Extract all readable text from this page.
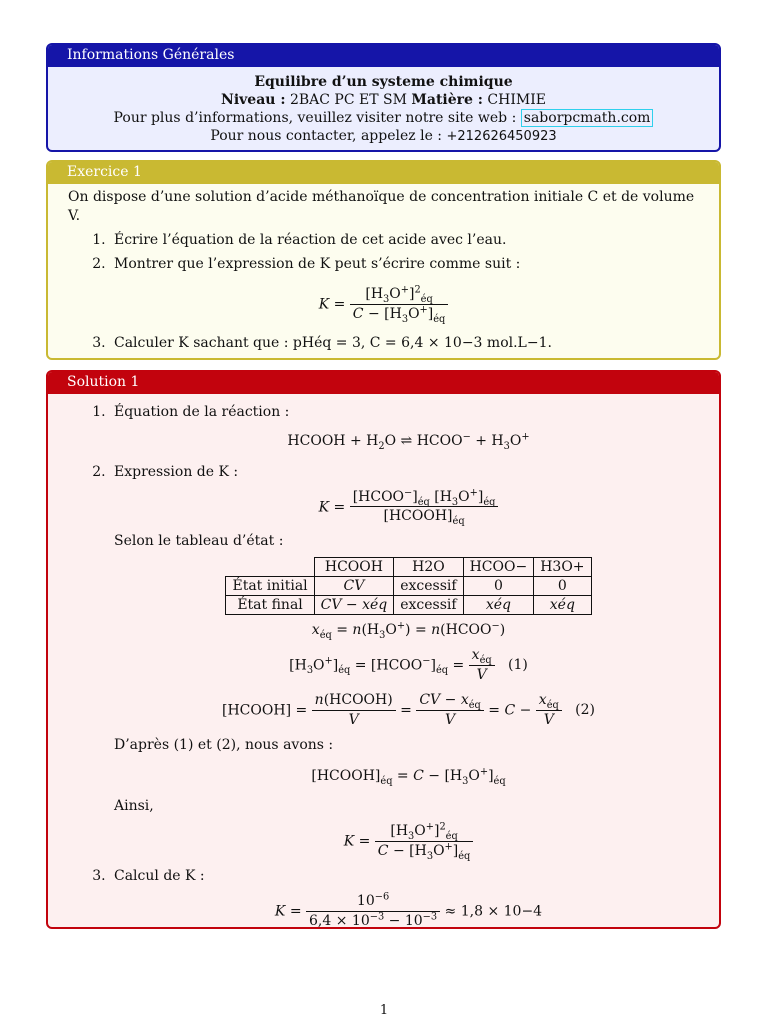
Informations Générales
Equilibre d’un systeme chimique
Niveau : 2BAC PC ET SM Matière : CHIMIE
Pour plus d’informations, veuillez visiter notre site web : saborpcmath.com
Pour nous contacter, appelez le : +212626450923
Exercice 1
On dispose d’une solution d’acide méthanoïque de concentration initiale C et de volume V.
1. Écrire l’équation de la réaction de cet acide avec l’eau.
2. Montrer que l’expression de K peut s’écrire comme suit :
$K = \frac{[H_3O^+]^2_{éq}}{C - [H_3O^+]_{éq}}$
3. Calculer K sachant que : pHéq = 3, C = 6,4 × 10−3 mol.L−1.
Solution 1
1. Équation de la réaction :
HCOOH + $H_2O$ ⇌ HCOO− + $H_3O^+$
2. Expression de K :
$K = \frac{[HCOO^-]_{éq} [H_3O^+]_{éq}}{[HCOOH]_{éq}}$
Selon le tableau d’état :
	HCOOH	H2O	HCOO−	H3O+
État initial	CV	excessif	0	0
État final	CV − xéq	excessif	xéq	xéq
$x_{éq} = n(H_3O^+)$ = n(HCOO−)
$[H_3O^+]_{éq}$ = $[HCOO^-]_{éq} = \frac{x_{éq}}{V} (1)$
[HCOOH] = $\frac{\text{n(HCOOH)}}{V} = \frac{CV - x_{éq}}{V} = C - \frac{x_{éq}}{V} (2)$
D’après (1) et (2), nous avons :
$[HCOOH]_{éq} = C - [H_3O^+]_{éq}$
Ainsi,
$K = \frac{[H_3O^+]^2_{éq}}{C - [H_3O^+]_{éq}}$
3. Calcul de K :
$K = \frac{10^{-6}}{6,4 \times 10^{-3} - 10^{-3}} \approx 1,8 \times 10-4$
1
